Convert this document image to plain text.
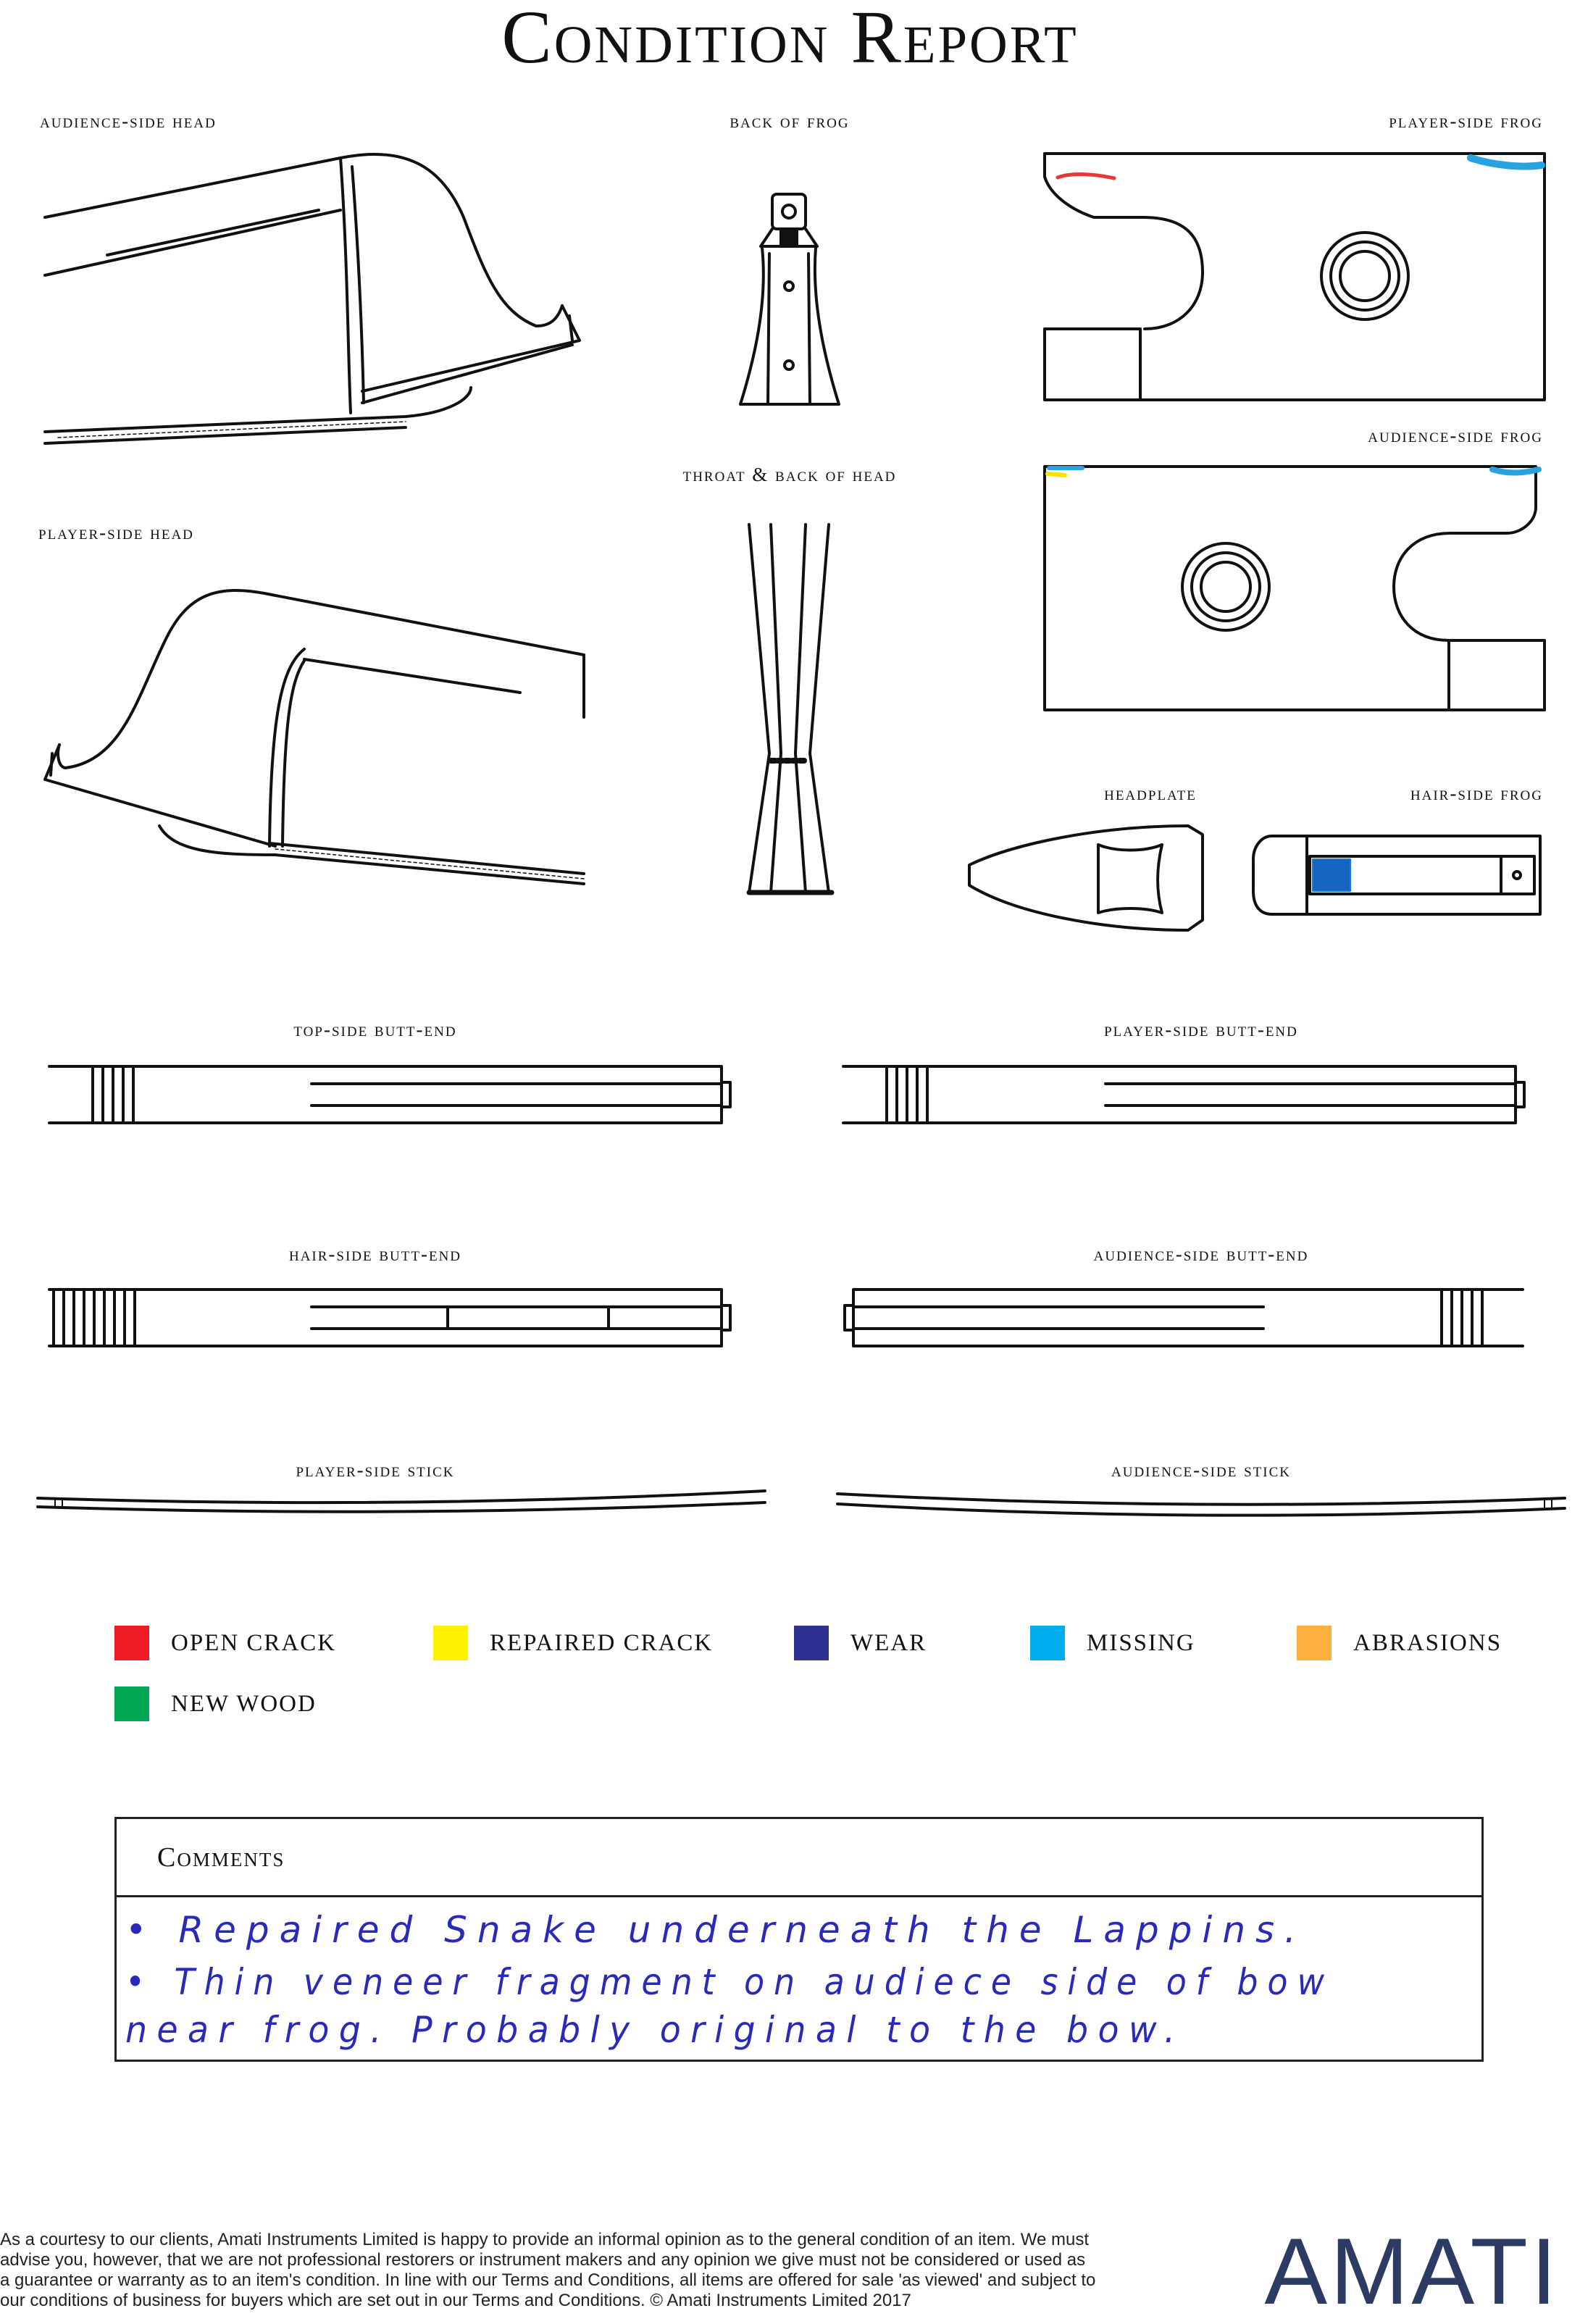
Condition Report
audience-side head	back of frog	player-side frog
throat & back of head
audience-side frog
player-side head
headplate	hair-side frog
top-side butt-end	player-side butt-end
hair-side butt-end	audience-side butt-end
player-side stick	audience-side stick
OPEN CRACK	REPAIRED CRACK	WEAR	MISSING	ABRASIONS
NEW WOOD
Comments
• Repaired Snake underneath the Lappins.
• Thin veneer fragment on audiece side of bow
near frog. Probably original to the bow.
As a courtesy to our clients, Amati Instruments Limited is happy to provide an informal opinion as to the general condition of an item. We must
advise you, however, that we are not professional restorers or instrument makers and any opinion we give must not be considered or used as
a guarantee or warranty as to an item's condition. In line with our Terms and Conditions, all items are offered for sale 'as viewed' and subject to
our conditions of business for buyers which are set out in our Terms and Conditions. © Amati Instruments Limited 2017	AMATI
